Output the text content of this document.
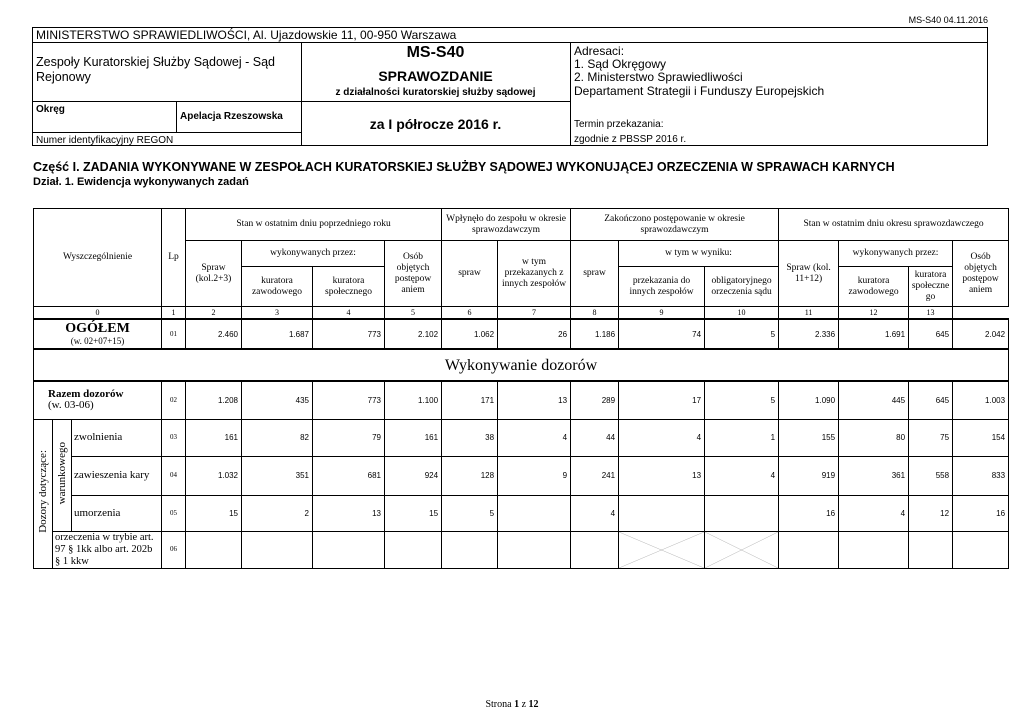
MS-S40 04.11.2016
MINISTERSTWO SPRAWIEDLIWOŚCI, Al. Ujazdowskie 11, 00-950 Warszawa
Zespoły Kuratorskiej Służby Sądowej - Sąd Rejonowy
Okręg
Apelacja Rzeszowska
Numer identyfikacyjny REGON
MS-S40
SPRAWOZDANIE
z działalności kuratorskiej służby sądowej
za I półrocze 2016 r.
Adresaci:
1. Sąd Okręgowy
2. Ministerstwo Sprawiedliwości
Departament Strategii i Funduszy Europejskich
Termin przekazania:
zgodnie z PBSSP 2016 r.
Część I. ZADANIA WYKONYWANE W ZESPOŁACH KURATORSKIEJ SŁUŻBY SĄDOWEJ WYKONUJĄCEJ ORZECZENIA W SPRAWACH KARNYCH
Dział. 1. Ewidencja wykonywanych zadań
Wyszczególnienie			Lp	Stan w ostatnim dniu poprzedniego roku				Wpłynęło do zespołu w okresie sprawozdawczym		Zakończono postępowanie w okresie sprawozdawczym			Stan w ostatnim dniu okresu sprawozdawczego			
				Spraw (kol.2+3)	wykonywanych przez:		Osób objętych postępow aniem	spraw	w tym przekazanych z innych zespołów	spraw	w tym w wyniku:		Spraw (kol. 11+12)	wykonywanych przez:		Osób objętych postępow aniem
					kuratora zawodowego	kuratora społecznego					przekazania do innych zespołów	obligatoryjnego orzeczenia sądu		kuratora zawodowego	kuratora społeczne go	
0			1	2	3	4	5	6	7	8	9	10	11	12	13	

OGÓŁEM
(w. 02+07+15)			01	2.460	1.687	773	2.102	1.062	26	1.186	74	5	2.336	1.691	645	2.042
Wykonywanie dozorów																

Razem dozorów
(w. 03-06)			02	1.208	435	773	1.100	171	13	289	17	5	1.090	445	645	1.003
Dozory dotyczące:	warunkowego	zwolnienia	03	161	82	79	161	38	4	44	4	1	155	80	75	154
		zawieszenia kary	04	1.032	351	681	924	128	9	241	13	4	919	361	558	833
		umorzenia	05	15	2	13	15	5		4			16	4	12	16
	orzeczenia w trybie art. 97 § 1kk albo art. 202b § 1 kkw		06								

Strona 1 z 12
